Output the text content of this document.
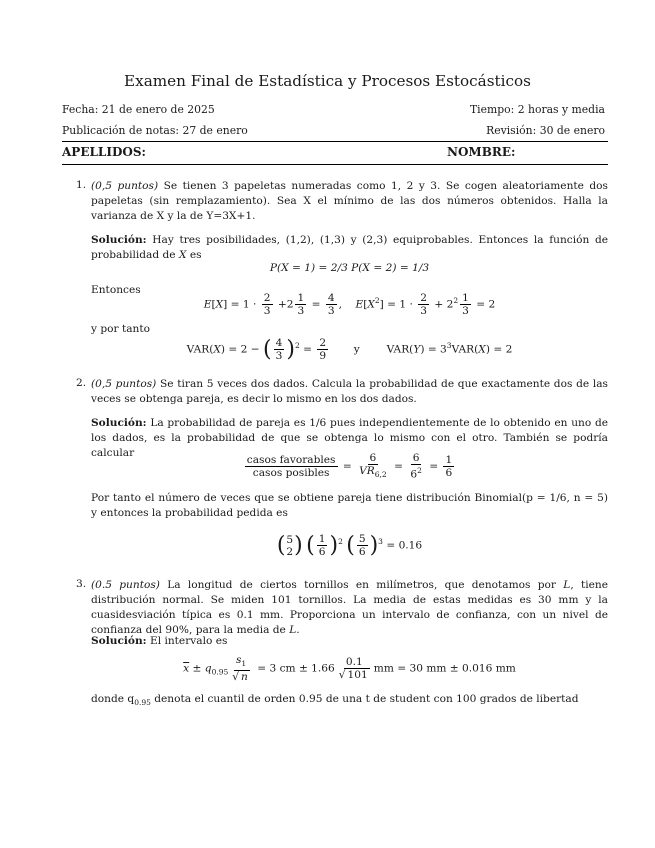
Examen Final de Estadística y Procesos Estocásticos
Fecha: 21 de enero de 2025	Tiempo: 2 horas y media
Publicación de notas: 27 de enero	Revisión: 30 de enero
APELLIDOS:	NOMBRE:
1. (0,5 puntos) Se tienen 3 papeletas numeradas como 1, 2 y 3. Se cogen aleatoriamente dos papeletas (sin remplazamiento). Sea X el mínimo de las dos números obtenidos. Halla la varianza de X y la de Y=3X+1.
Solución: Hay tres posibilidades, (1,2), (1,3) y (2,3) equiprobables. Entonces la función de probabilidad de X es
P(X = 1) = 2/3 P(X = 2) = 1/3
Entonces
$E[X] = 1 \cdot \frac{2}{3} +2 \frac{1}{3} = \frac{4}{3}$ ,    $E[X^2] = 1 \cdot \frac{2}{3} + 2^2 \frac{1}{3} = 2$
y por tanto
VAR(X) = 2 − ( $\frac{4}{3} )^2 = \frac{2}{9}$ y        $VAR(Y) = 3^3VAR(X) = 2$
2. (0,5 puntos) Se tiran 5 veces dos dados. Calcula la probabilidad de que exactamente dos de las veces se obtenga pareja, es decir lo mismo en los dos dados.
Solución: La probabilidad de pareja es 1/6 pues independientemente de lo obtenido en uno de los dados, es la probabilidad de que se obtenga lo mismo con el otro. También se podría calcular
$\frac{\text{casos favorables}}{\text{casos posibles}} = \frac{6}{VR_{6,2}} = \frac{6}{6^2} = \frac{1}{6}$
Por tanto el número de veces que se obtiene pareja tiene distribución Binomial(p = 1/6, n = 5) y entonces la probabilidad pedida es
( 5
2 ) ( $\frac{1}{6} )^2$ ( $\frac{5}{6} )^3 = 0.16$
3. (0.5 puntos) La longitud de ciertos tornillos en milímetros, que denotamos por L, tiene distribución normal. Se miden 101 tornillos. La media de estas medidas es 30 mm y la cuasidesviación típica es 0.1 mm. Proporciona un intervalo de confianza, con un nivel de confianza del 90%, para la media de L.
Solución: El intervalo es
$\overline{x} \pm q_{0.95} \frac{s_1}{√ n} = 3$ cm ± $1.66 \frac{0.1}{√ 101}$ mm = 30 mm ± 0.016 mm
donde $q_{0.95}$ denota el cuantil de orden 0.95 de una t de student con 100 grados de libertad
